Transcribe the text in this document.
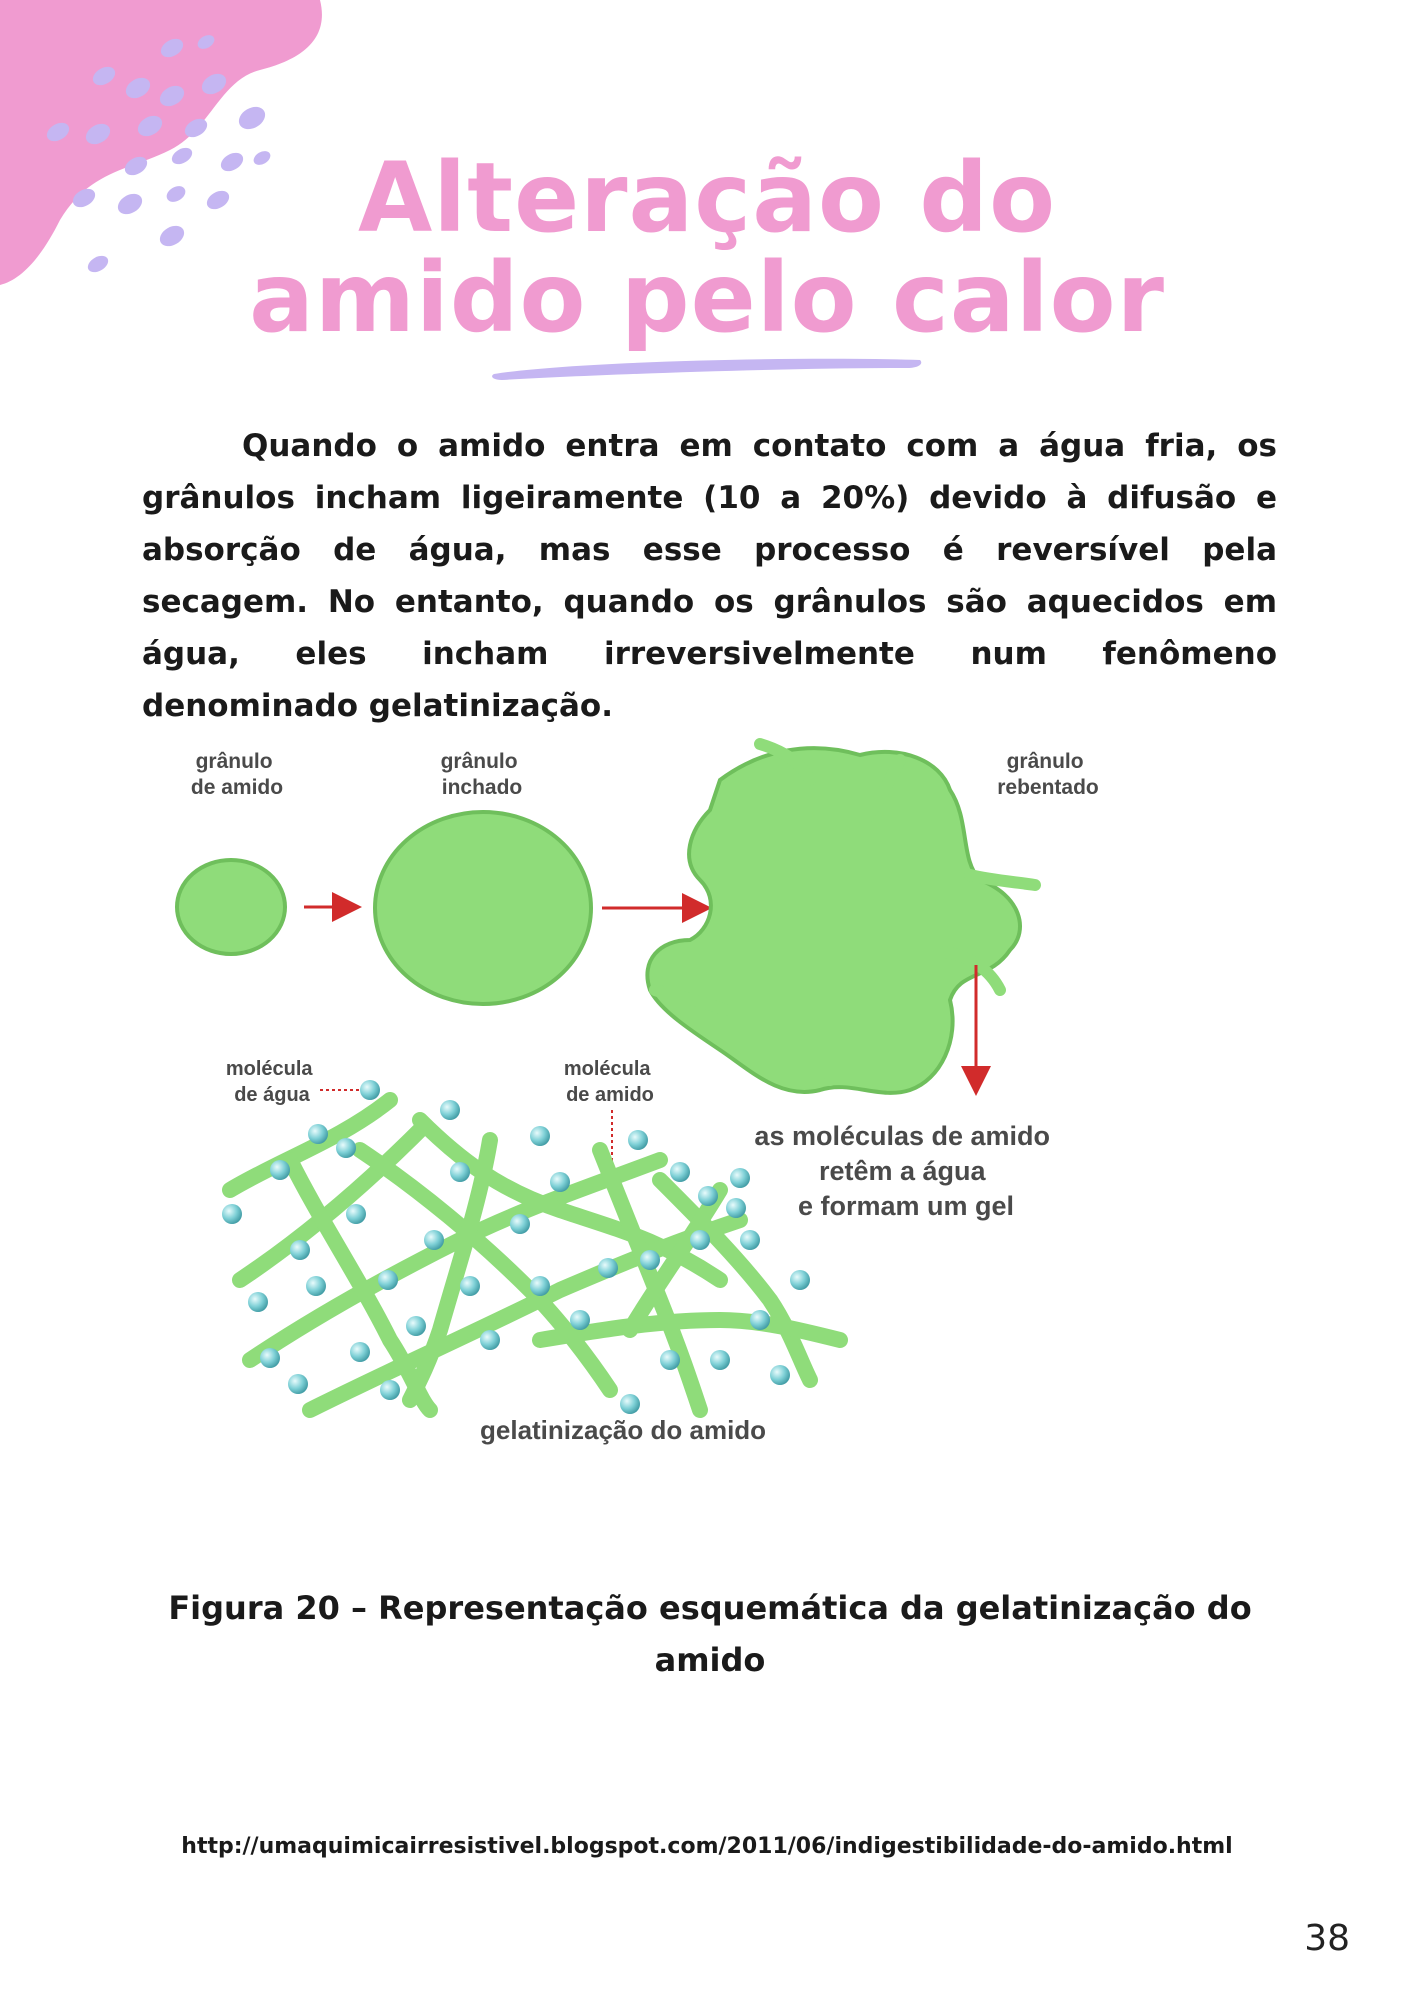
Alteração do
amido pelo calor

Quando o amido entra em contato com a água fria, os grânulos incham ligeiramente (10 a 20%) devido à difusão e absorção de água, mas esse processo é reversível pela secagem. No entanto, quando os grânulos são aquecidos em água, eles incham irreversivelmente num fenômeno denominado gelatinização.

grânulo de amido
grânulo inchado
grânulo rebentado
molécula de água
molécula de amido
as moléculas de amido retêm a água e formam um gel
gelatinização do amido

Figura 20 – Representação esquemática da gelatinização do amido

http://umaquimicairresistivel.blogspot.com/2011/06/indigestibilidade-do-amido.html
38
